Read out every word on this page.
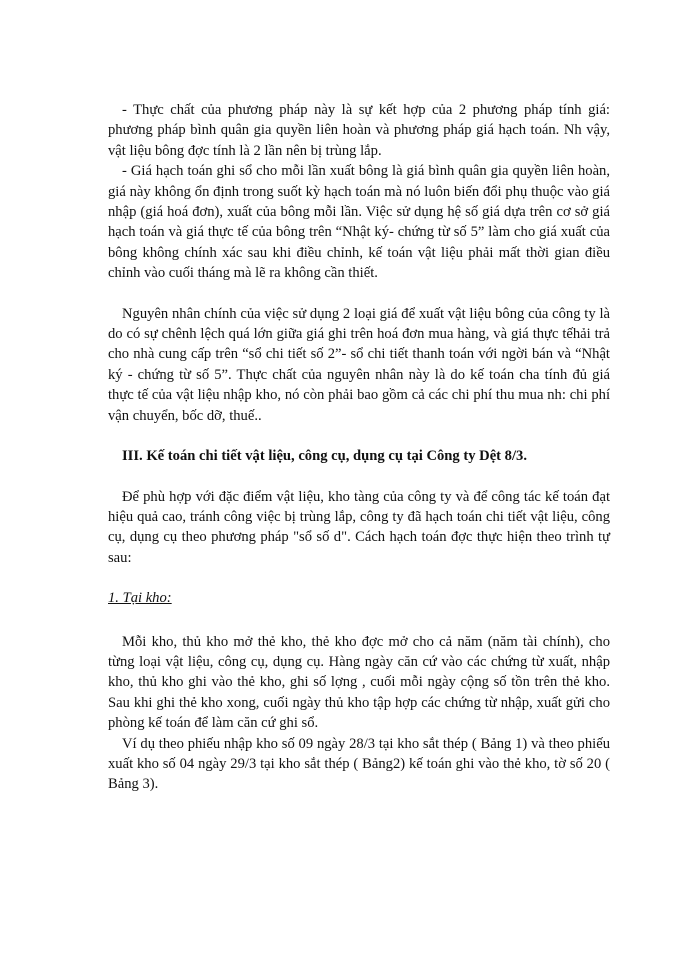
- Thực chất của phương pháp này là sự kết hợp của 2 phương pháp tính giá: phương pháp bình quân gia quyền liên hoàn và phương pháp giá hạch toán. Nh vậy, vật liệu bông đợc tính là 2 lần nên bị trùng lắp.

- Giá hạch toán ghi sổ cho mỗi lần xuất bông là giá bình quân gia quyền liên hoàn, giá này không ổn định trong suốt kỳ hạch toán mà nó luôn biến đổi phụ thuộc vào giá nhập (giá hoá đơn), xuất của bông mỗi lần. Việc sử dụng hệ số giá dựa trên cơ sở giá hạch toán và giá thực tế của bông trên “Nhật ký- chứng từ số 5” làm cho giá xuất của bông không chính xác sau khi điều chỉnh, kế toán vật liệu phải mất thời gian điều chỉnh vào cuối tháng mà lẽ ra không cần thiết.

Nguyên nhân chính của việc sử dụng 2 loại giá để xuất vật liệu bông của công ty là do có sự chênh lệch quá lớn giữa giá ghi trên hoá đơn mua hàng, và giá thực tếhải trả cho nhà cung cấp trên “sổ chi tiết số 2”- sổ chi tiết thanh toán với ngời bán và “Nhật ký - chứng từ số 5”. Thực chất của nguyên nhân này là do kế toán cha tính đủ giá thực tế của vật liệu nhập kho, nó còn phải bao gồm cả các chi phí thu mua nh: chi phí vận chuyển, bốc dỡ, thuế..

III. Kế toán chi tiết vật liệu, công cụ, dụng cụ tại Công ty Dệt 8/3.

Để phù hợp với đặc điểm vật liệu, kho tàng của công ty và để công tác kế toán đạt hiệu quả cao, tránh công việc bị trùng lắp, công ty đã hạch toán chi tiết vật liệu, công cụ, dụng cụ theo phương pháp "sổ số d". Cách hạch toán đợc thực hiện theo trình tự sau:

1. Tại kho:

Mỗi kho, thủ kho mở thẻ kho, thẻ kho đợc mở cho cả năm (năm tài chính), cho từng loại vật liệu, công cụ, dụng cụ. Hàng ngày căn cứ vào các chứng từ xuất, nhập kho, thủ kho ghi vào thẻ kho, ghi số lợng , cuối mỗi ngày cộng số tồn trên thẻ kho. Sau khi ghi thẻ kho xong, cuối ngày thủ kho tập hợp các chứng từ nhập, xuất gửi cho phòng kế toán để làm căn cứ ghi sổ.

Ví dụ theo phiếu nhập kho số 09 ngày 28/3 tại kho sắt thép ( Bảng 1) và theo phiếu xuất kho số 04 ngày 29/3 tại kho sắt thép ( Bảng2) kế toán ghi vào thẻ kho, tờ số 20 ( Bảng 3).
